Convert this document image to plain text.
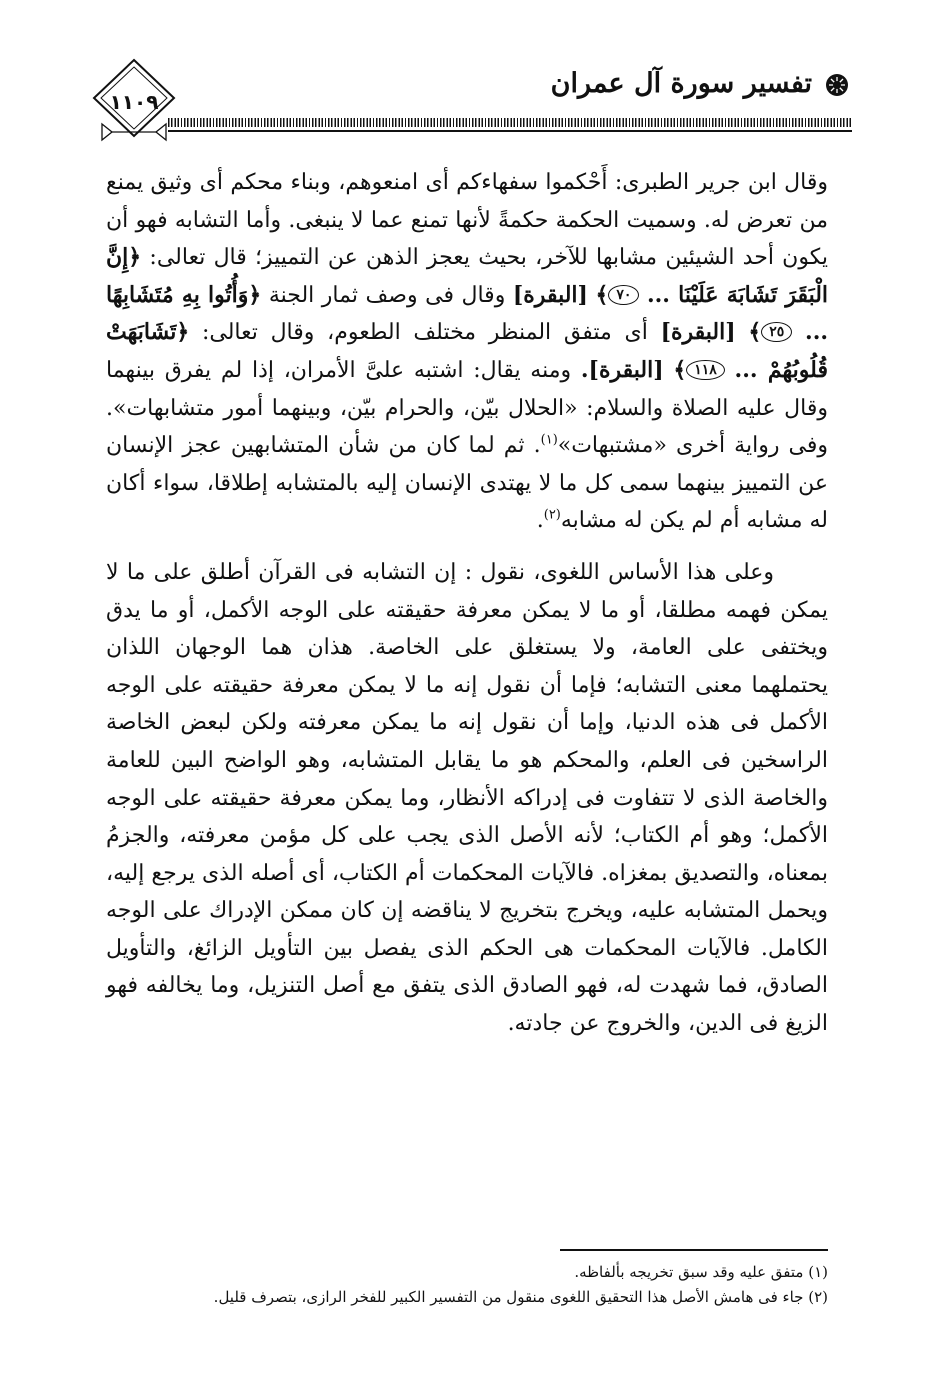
تفسير سورة آل عمران
١١٠٩

وقال ابن جرير الطبرى: أَحْكموا سفهاءكم أى امنعوهم، وبناء محكم أى وثيق يمنع من تعرض له. وسميت الحكمة حكمةً لأنها تمنع عما لا ينبغى. وأما التشابه فهو أن يكون أحد الشيئين مشابها للآخر، بحيث يعجز الذهن عن التمييز؛ قال تعالى: ﴿إِنَّ الْبَقَرَ تَشَابَهَ عَلَيْنَا ... ٧٠﴾ [البقرة] وقال فى وصف ثمار الجنة ﴿وَأُتُوا بِهِ مُتَشَابِهًا ... ٢٥﴾ [البقرة] أى متفق المنظر مختلف الطعوم، وقال تعالى: ﴿تَشَابَهَتْ قُلُوبُهُمْ ... ١١٨﴾ [البقرة]. ومنه يقال: اشتبه علىَّ الأمران، إذا لم يفرق بينهما وقال عليه الصلاة والسلام: «الحلال بيّن، والحرام بيّن، وبينهما أمور متشابهات». وفى رواية أخرى «مشتبهات»$^{(١)}$. ثم لما كان من شأن المتشابهين عجز الإنسان عن التمييز بينهما سمى كل ما لا يهتدى الإنسان إليه بالمتشابه إطلاقا، سواء أكان له مشابه أم لم يكن له مشابه$^{(٢)}$.

وعلى هذا الأساس اللغوى، نقول : إن التشابه فى القرآن أطلق على ما لا يمكن فهمه مطلقا، أو ما لا يمكن معرفة حقيقته على الوجه الأكمل، أو ما يدق ويختفى على العامة، ولا يستغلق على الخاصة. هذان هما الوجهان اللذان يحتملهما معنى التشابه؛ فإما أن نقول إنه ما لا يمكن معرفة حقيقته على الوجه الأكمل فى هذه الدنيا، وإما أن نقول إنه ما يمكن معرفته ولكن لبعض الخاصة الراسخين فى العلم، والمحكم هو ما يقابل المتشابه، وهو الواضح البين للعامة والخاصة الذى لا تتفاوت فى إدراكه الأنظار، وما يمكن معرفة حقيقته على الوجه الأكمل؛ وهو أم الكتاب؛ لأنه الأصل الذى يجب على كل مؤمن معرفته، والجزمُ بمعناه، والتصديق بمغزاه. فالآيات المحكمات أم الكتاب، أى أصله الذى يرجع إليه، ويحمل المتشابه عليه، ويخرج بتخريج لا يناقضه إن كان ممكن الإدراك على الوجه الكامل. فالآيات المحكمات هى الحكم الذى يفصل بين التأويل الزائغ، والتأويل الصادق، فما شهدت له، فهو الصادق الذى يتفق مع أصل التنزيل، وما يخالفه فهو الزيغ فى الدين، والخروج عن جادته.

(١) متفق عليه وقد سبق تخريجه بألفاظه.

(٢) جاء فى هامش الأصل هذا التحقيق اللغوى منقول من التفسير الكبير للفخر الرازى، بتصرف قليل.
